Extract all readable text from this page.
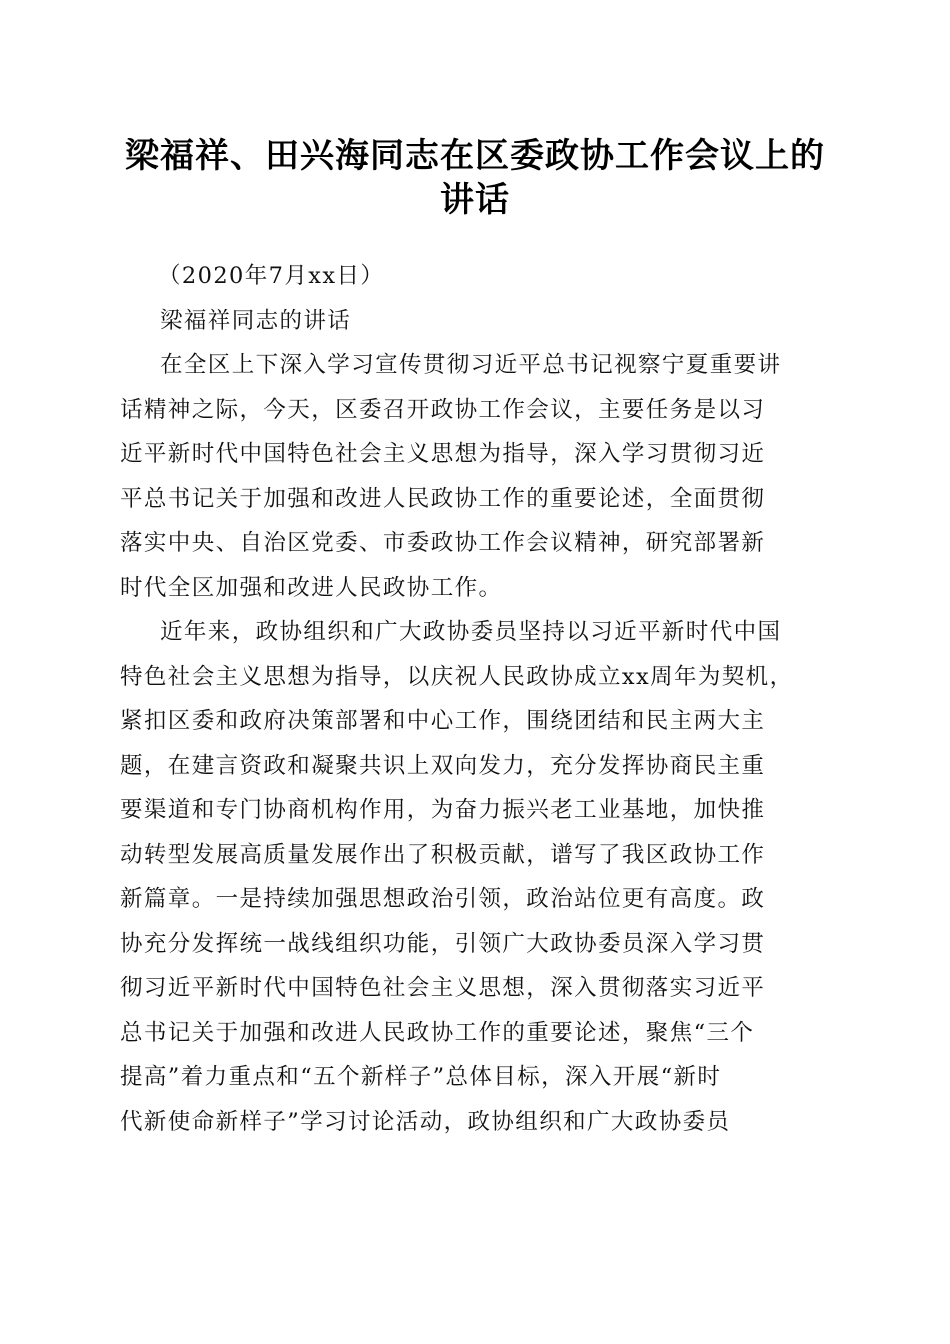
梁福祥、田兴海同志在区委政协工作会议上的
讲话
（2020年7月xx日）
梁福祥同志的讲话
在全区上下深入学习宣传贯彻习近平总书记视察宁夏重要讲
话精神之际，今天，区委召开政协工作会议，主要任务是以习
近平新时代中国特色社会主义思想为指导，深入学习贯彻习近
平总书记关于加强和改进人民政协工作的重要论述，全面贯彻
落实中央、自治区党委、市委政协工作会议精神，研究部署新
时代全区加强和改进人民政协工作。
近年来，政协组织和广大政协委员坚持以习近平新时代中国
特色社会主义思想为指导，以庆祝人民政协成立xx周年为契机，
紧扣区委和政府决策部署和中心工作，围绕团结和民主两大主
题，在建言资政和凝聚共识上双向发力，充分发挥协商民主重
要渠道和专门协商机构作用，为奋力振兴老工业基地，加快推
动转型发展高质量发展作出了积极贡献，谱写了我区政协工作
新篇章。一是持续加强思想政治引领，政治站位更有高度。政
协充分发挥统一战线组织功能，引领广大政协委员深入学习贯
彻习近平新时代中国特色社会主义思想，深入贯彻落实习近平
总书记关于加强和改进人民政协工作的重要论述，聚焦“三个
提高”着力重点和“五个新样子”总体目标，深入开展“新时
代新使命新样子”学习讨论活动，政协组织和广大政协委员
